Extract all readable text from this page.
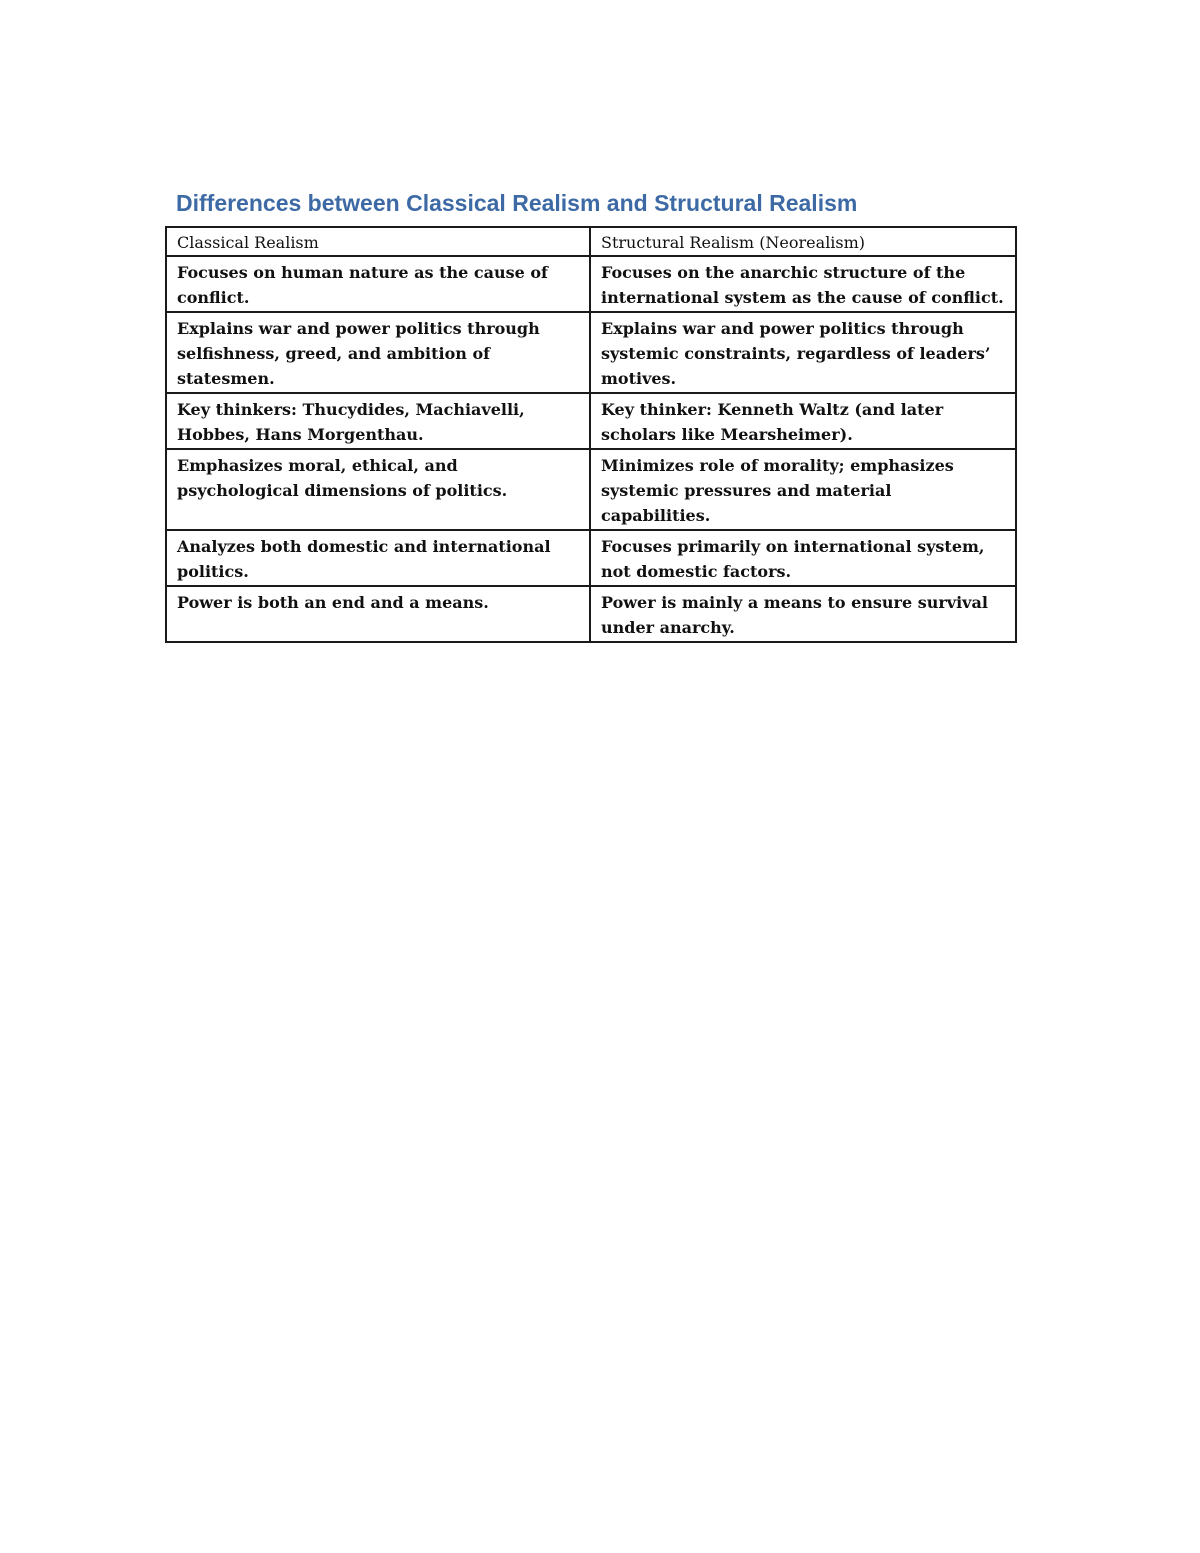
Differences between Classical Realism and Structural Realism
Classical Realism	Structural Realism (Neorealism)
Focuses on human nature as the cause of conflict.	Focuses on the anarchic structure of the international system as the cause of conflict.
Explains war and power politics through selfishness, greed, and ambition of statesmen.	Explains war and power politics through systemic constraints, regardless of leaders’ motives.
Key thinkers: Thucydides, Machiavelli, Hobbes, Hans Morgenthau.	Key thinker: Kenneth Waltz (and later scholars like Mearsheimer).
Emphasizes moral, ethical, and psychological dimensions of politics.	Minimizes role of morality; emphasizes systemic pressures and material capabilities.
Analyzes both domestic and international politics.	Focuses primarily on international system, not domestic factors.
Power is both an end and a means.	Power is mainly a means to ensure survival under anarchy.
